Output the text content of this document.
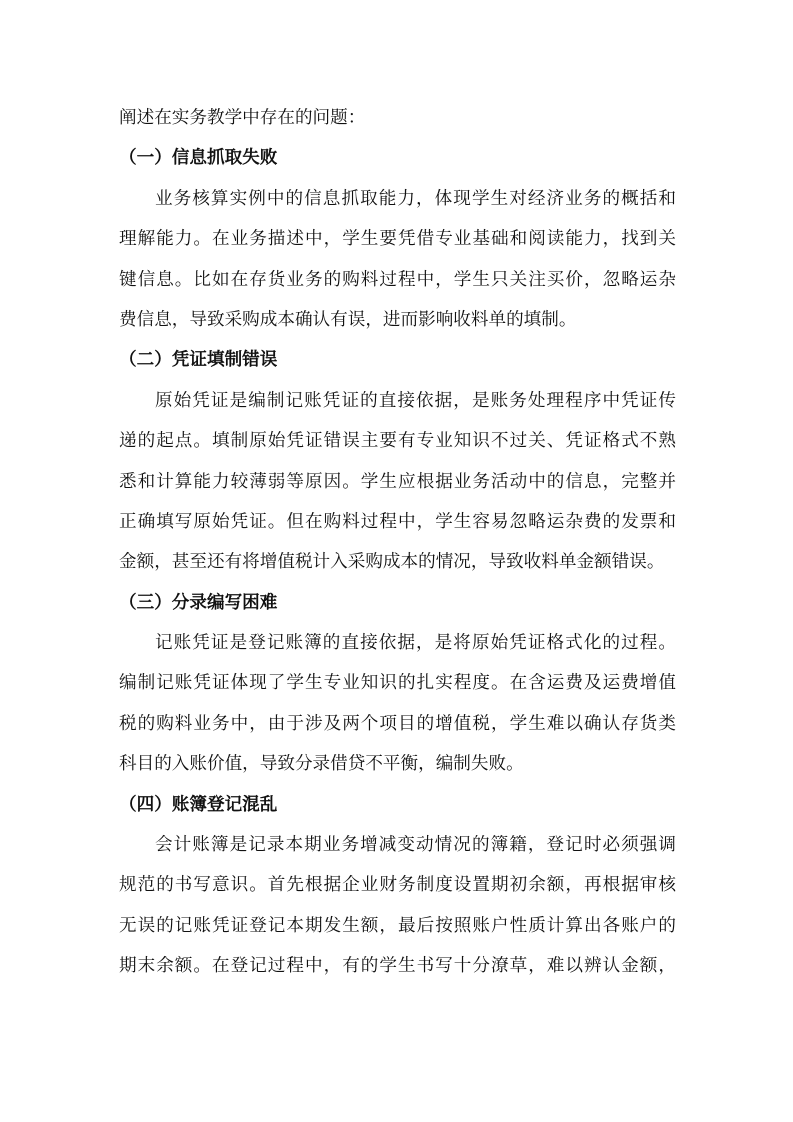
阐述在实务教学中存在的问题：
（一）信息抓取失败
业务核算实例中的信息抓取能力，体现学生对经济业务的概括和
理解能力。在业务描述中，学生要凭借专业基础和阅读能力，找到关
键信息。比如在存货业务的购料过程中，学生只关注买价，忽略运杂
费信息，导致采购成本确认有误，进而影响收料单的填制。
（二）凭证填制错误
原始凭证是编制记账凭证的直接依据，是账务处理程序中凭证传
递的起点。填制原始凭证错误主要有专业知识不过关、凭证格式不熟
悉和计算能力较薄弱等原因。学生应根据业务活动中的信息，完整并
正确填写原始凭证。但在购料过程中，学生容易忽略运杂费的发票和
金额，甚至还有将增值税计入采购成本的情况，导致收料单金额错误。
（三）分录编写困难
记账凭证是登记账簿的直接依据，是将原始凭证格式化的过程。
编制记账凭证体现了学生专业知识的扎实程度。在含运费及运费增值
税的购料业务中，由于涉及两个项目的增值税，学生难以确认存货类
科目的入账价值，导致分录借贷不平衡，编制失败。
（四）账簿登记混乱
会计账簿是记录本期业务增减变动情况的簿籍，登记时必须强调
规范的书写意识。首先根据企业财务制度设置期初余额，再根据审核
无误的记账凭证登记本期发生额，最后按照账户性质计算出各账户的
期末余额。在登记过程中，有的学生书写十分潦草，难以辨认金额，
